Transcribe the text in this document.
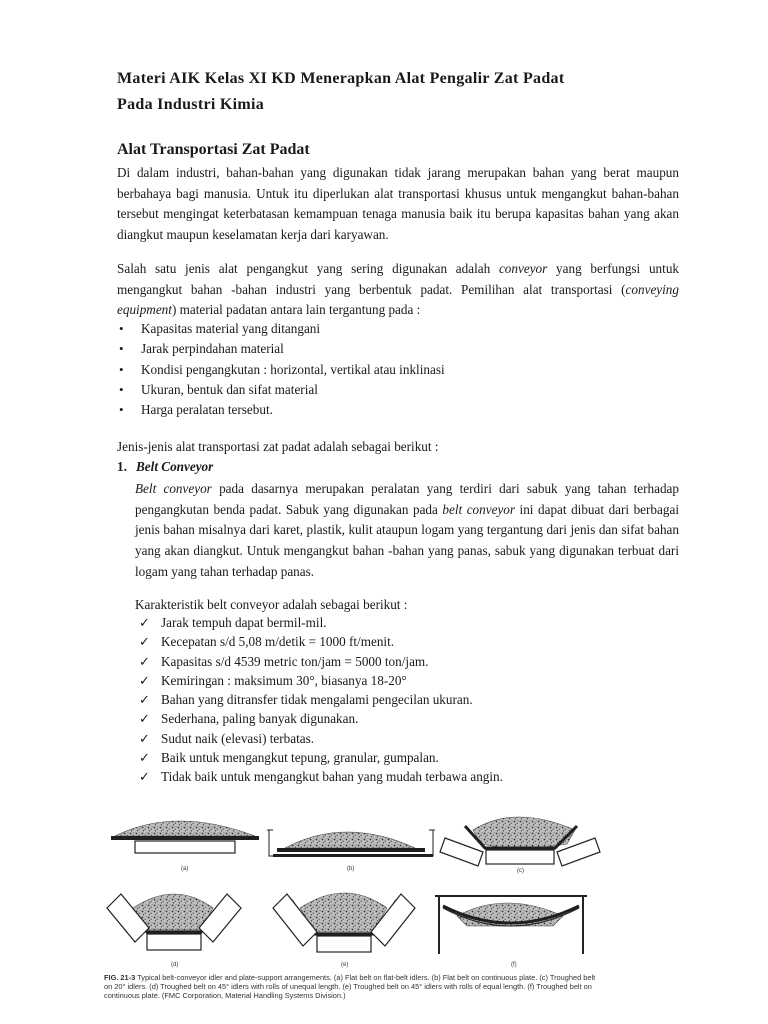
Materi AIK Kelas XI KD Menerapkan Alat Pengalir Zat Padat

Pada Industri Kimia

Alat Transportasi Zat Padat

Di dalam industri, bahan-bahan yang digunakan tidak jarang merupakan bahan yang berat maupun berbahaya bagi manusia. Untuk itu diperlukan alat transportasi khusus untuk mengangkut bahan-bahan tersebut mengingat keterbatasan kemampuan tenaga manusia baik itu berupa kapasitas bahan yang akan diangkut maupun keselamatan kerja dari karyawan.

Salah satu jenis alat pengangkut yang sering digunakan adalah conveyor yang berfungsi untuk mengangkut bahan -bahan industri yang berbentuk padat. Pemilihan alat transportasi (conveying equipment) material padatan antara lain tergantung pada :

• Kapasitas material yang ditangani
• Jarak perpindahan material
• Kondisi pengangkutan : horizontal, vertikal atau inklinasi
• Ukuran, bentuk dan sifat material
• Harga peralatan tersebut.

Jenis-jenis alat transportasi zat padat adalah sebagai berikut :

1. Belt Conveyor

Belt conveyor pada dasarnya merupakan peralatan yang terdiri dari sabuk yang tahan terhadap pengangkutan benda padat. Sabuk yang digunakan pada belt conveyor ini dapat dibuat dari berbagai jenis bahan misalnya dari karet, plastik, kulit ataupun logam yang tergantung dari jenis dan sifat bahan yang akan diangkut. Untuk mengangkut bahan -bahan yang panas, sabuk yang digunakan terbuat dari logam yang tahan terhadap panas.

Karakteristik belt conveyor adalah sebagai berikut :

✓ Jarak tempuh dapat bermil-mil.
✓ Kecepatan s/d 5,08 m/detik = 1000 ft/menit.
✓ Kapasitas s/d 4539 metric ton/jam = 5000 ton/jam.
✓ Kemiringan : maksimum 30°, biasanya 18-20°
✓ Bahan yang ditransfer tidak mengalami pengecilan ukuran.
✓ Sederhana, paling banyak digunakan.
✓ Sudut naik (elevasi) terbatas.
✓ Baik untuk mengangkut tepung, granular, gumpalan.
✓ Tidak baik untuk mengangkut bahan yang mudah terbawa angin.
(a)	(b)	(c)
(d)	(e)	(f)

FIG. 21-3 Typical belt-conveyor idler and plate-support arrangements. (a) Flat belt on flat-belt idlers. (b) Flat belt on continuous plate. (c) Troughed belt on 20° idlers. (d) Troughed belt on 45° idlers with rolls of unequal length. (e) Troughed belt on 45° idlers with rolls of equal length. (f) Troughed belt on continuous plate. (FMC Corporation, Material Handling Systems Division.)
